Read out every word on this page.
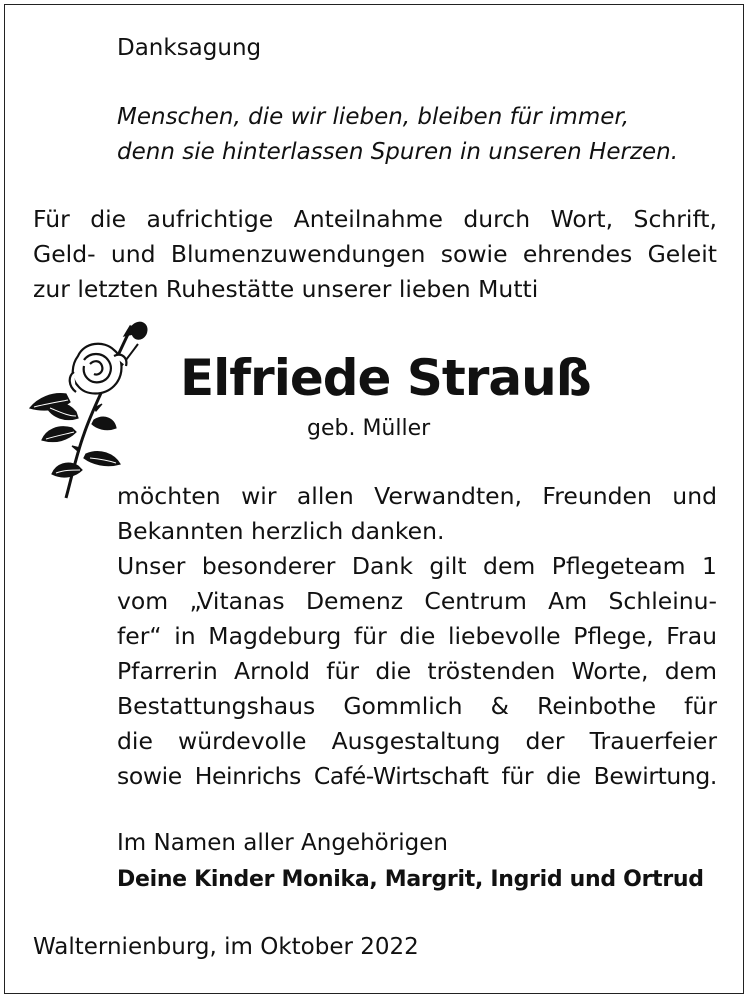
Danksagung
Menschen, die wir lieben, bleiben für immer,
denn sie hinterlassen Spuren in unseren Herzen.
Für die aufrichtige Anteilnahme durch Wort, Schrift,
Geld- und Blumenzuwendungen sowie ehrendes Geleit
zur letzten Ruhestätte unserer lieben Mutti
Elfriede Strauß
geb. Müller
möchten wir allen Verwandten, Freunden und
Bekannten herzlich danken.
Unser besonderer Dank gilt dem Pflegeteam 1
vom „Vitanas Demenz Centrum Am Schleinu-
fer“ in Magdeburg für die liebevolle Pflege, Frau
Pfarrerin Arnold für die tröstenden Worte, dem
Bestattungshaus Gommlich & Reinbothe für
die würdevolle Ausgestaltung der Trauerfeier
sowie Heinrichs Café-Wirtschaft für die Bewirtung.
Im Namen aller Angehörigen
Deine Kinder Monika, Margrit, Ingrid und Ortrud
Walternienburg, im Oktober 2022
